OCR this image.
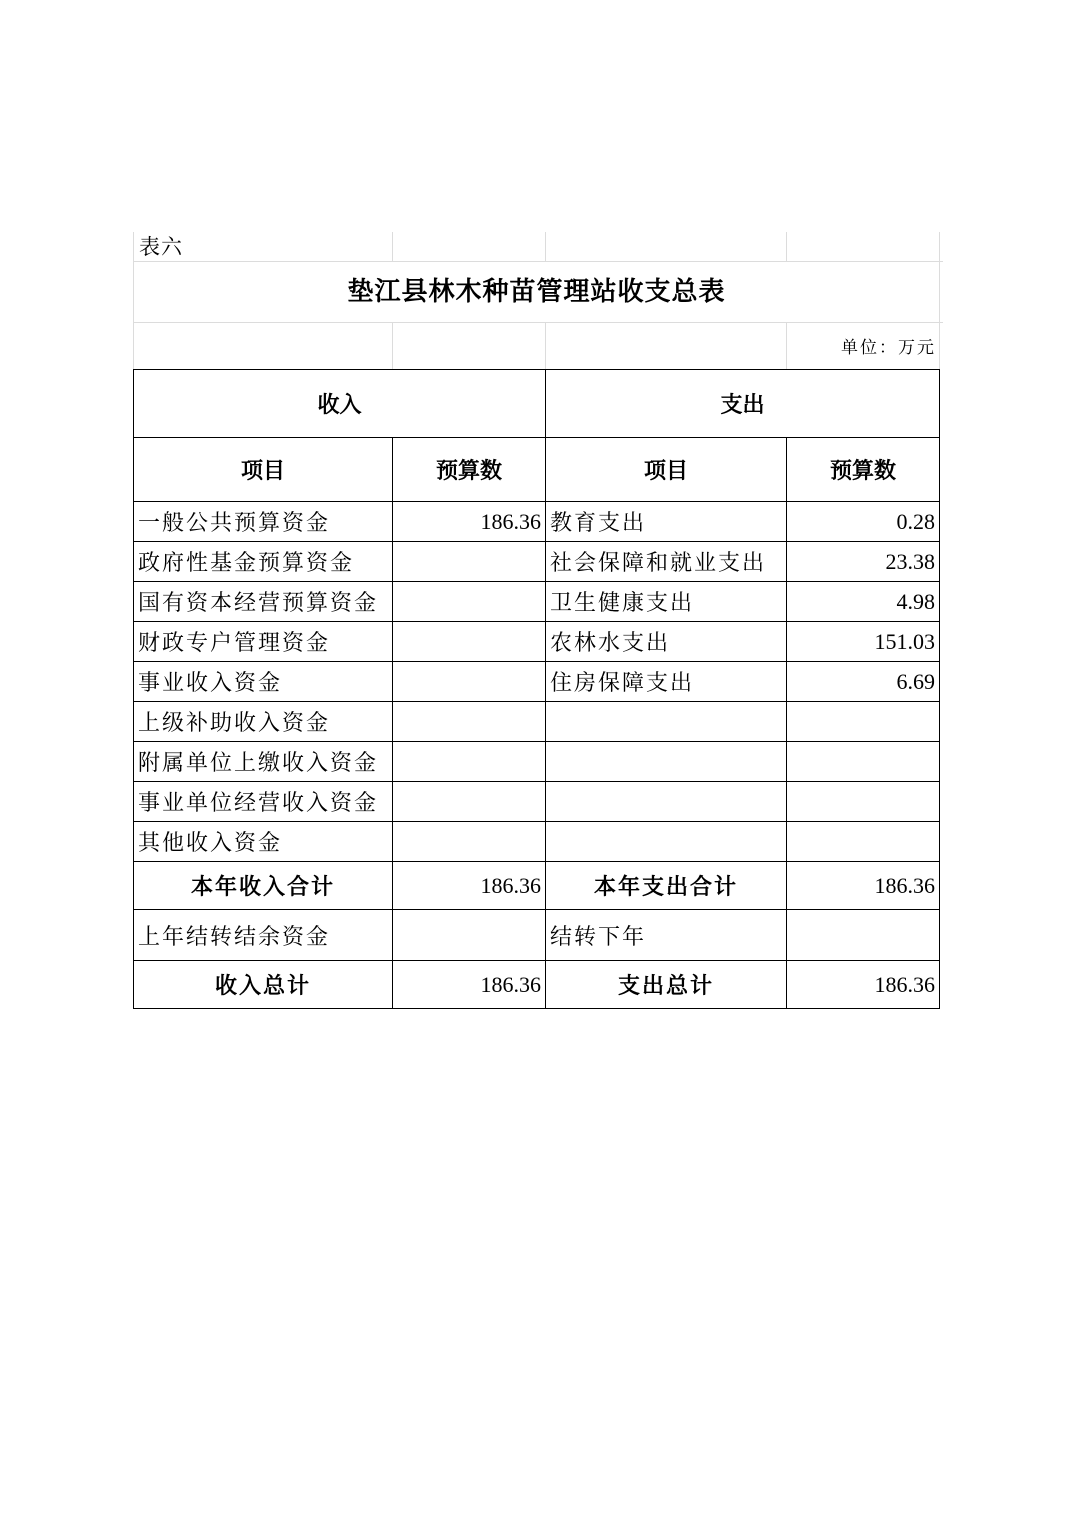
表六
垫江县林木种苗管理站收支总表
单位：万元
收入		支出	
项目	预算数	项目	预算数
一般公共预算资金	186.36	教育支出	0.28
政府性基金预算资金		社会保障和就业支出	23.38
国有资本经营预算资金		卫生健康支出	4.98
财政专户管理资金		农林水支出	151.03
事业收入资金		住房保障支出	6.69
上级补助收入资金			
附属单位上缴收入资金			
事业单位经营收入资金			
其他收入资金			
本年收入合计	186.36	本年支出合计	186.36
上年结转结余资金		结转下年	
收入总计	186.36	支出总计	186.36
